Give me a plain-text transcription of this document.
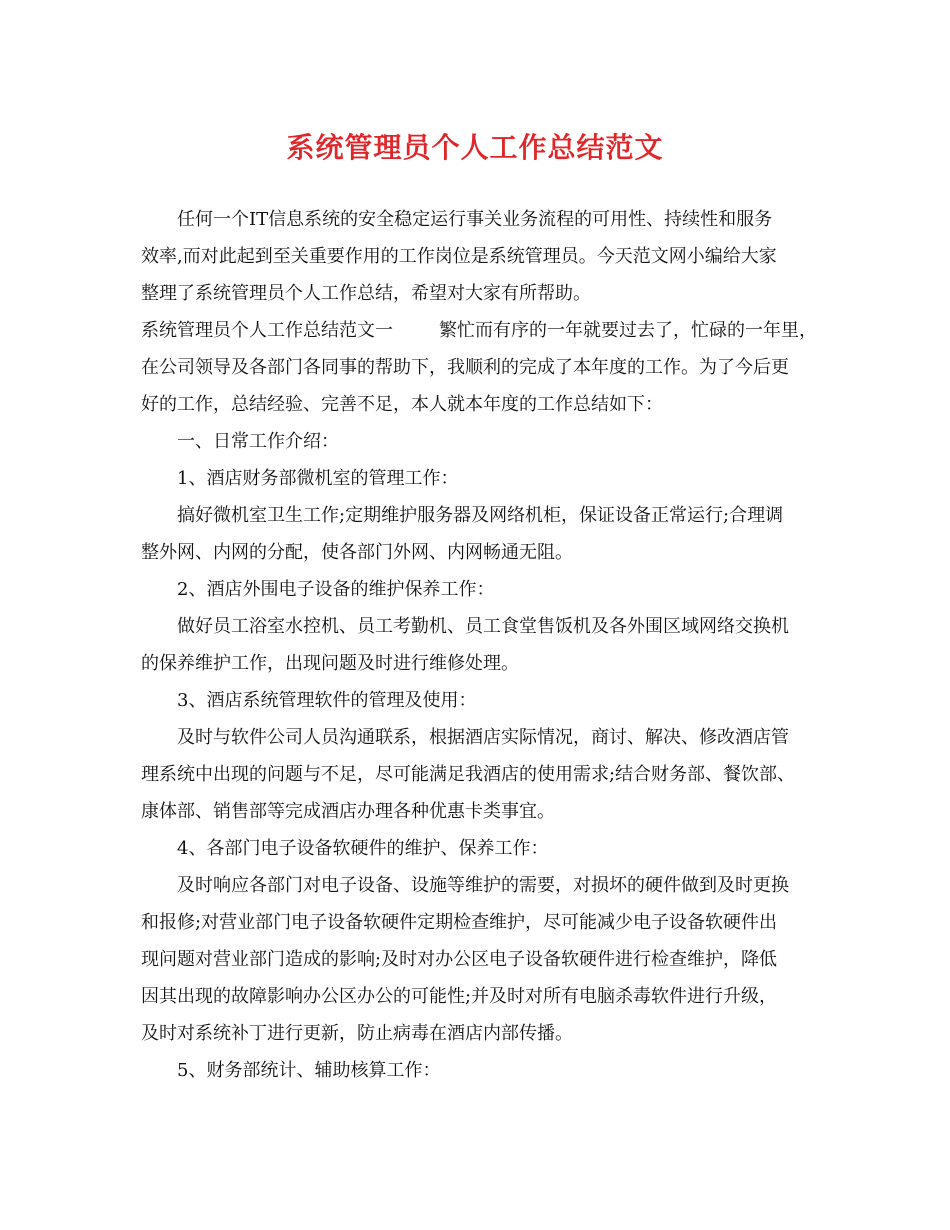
系统管理员个人工作总结范文
任何一个IT信息系统的安全稳定运行事关业务流程的可用性、持续性和服务
效率,而对此起到至关重要作用的工作岗位是系统管理员。今天范文网小编给大家
整理了系统管理员个人工作总结，希望对大家有所帮助。
系统管理员个人工作总结范文一	繁忙而有序的一年就要过去了，忙碌的一年里，
在公司领导及各部门各同事的帮助下，我顺利的完成了本年度的工作。为了今后更
好的工作，总结经验、完善不足，本人就本年度的工作总结如下：
一、日常工作介绍：
1、酒店财务部微机室的管理工作：
搞好微机室卫生工作;定期维护服务器及网络机柜，保证设备正常运行;合理调
整外网、内网的分配，使各部门外网、内网畅通无阻。
2、酒店外围电子设备的维护保养工作：
做好员工浴室水控机、员工考勤机、员工食堂售饭机及各外围区域网络交换机
的保养维护工作，出现问题及时进行维修处理。
3、酒店系统管理软件的管理及使用：
及时与软件公司人员沟通联系，根据酒店实际情况，商讨、解决、修改酒店管
理系统中出现的问题与不足，尽可能满足我酒店的使用需求;结合财务部、餐饮部、
康体部、销售部等完成酒店办理各种优惠卡类事宜。
4、各部门电子设备软硬件的维护、保养工作：
及时响应各部门对电子设备、设施等维护的需要，对损坏的硬件做到及时更换
和报修;对营业部门电子设备软硬件定期检查维护，尽可能减少电子设备软硬件出
现问题对营业部门造成的影响;及时对办公区电子设备软硬件进行检查维护，降低
因其出现的故障影响办公区办公的可能性;并及时对所有电脑杀毒软件进行升级，
及时对系统补丁进行更新，防止病毒在酒店内部传播。
5、财务部统计、辅助核算工作：
